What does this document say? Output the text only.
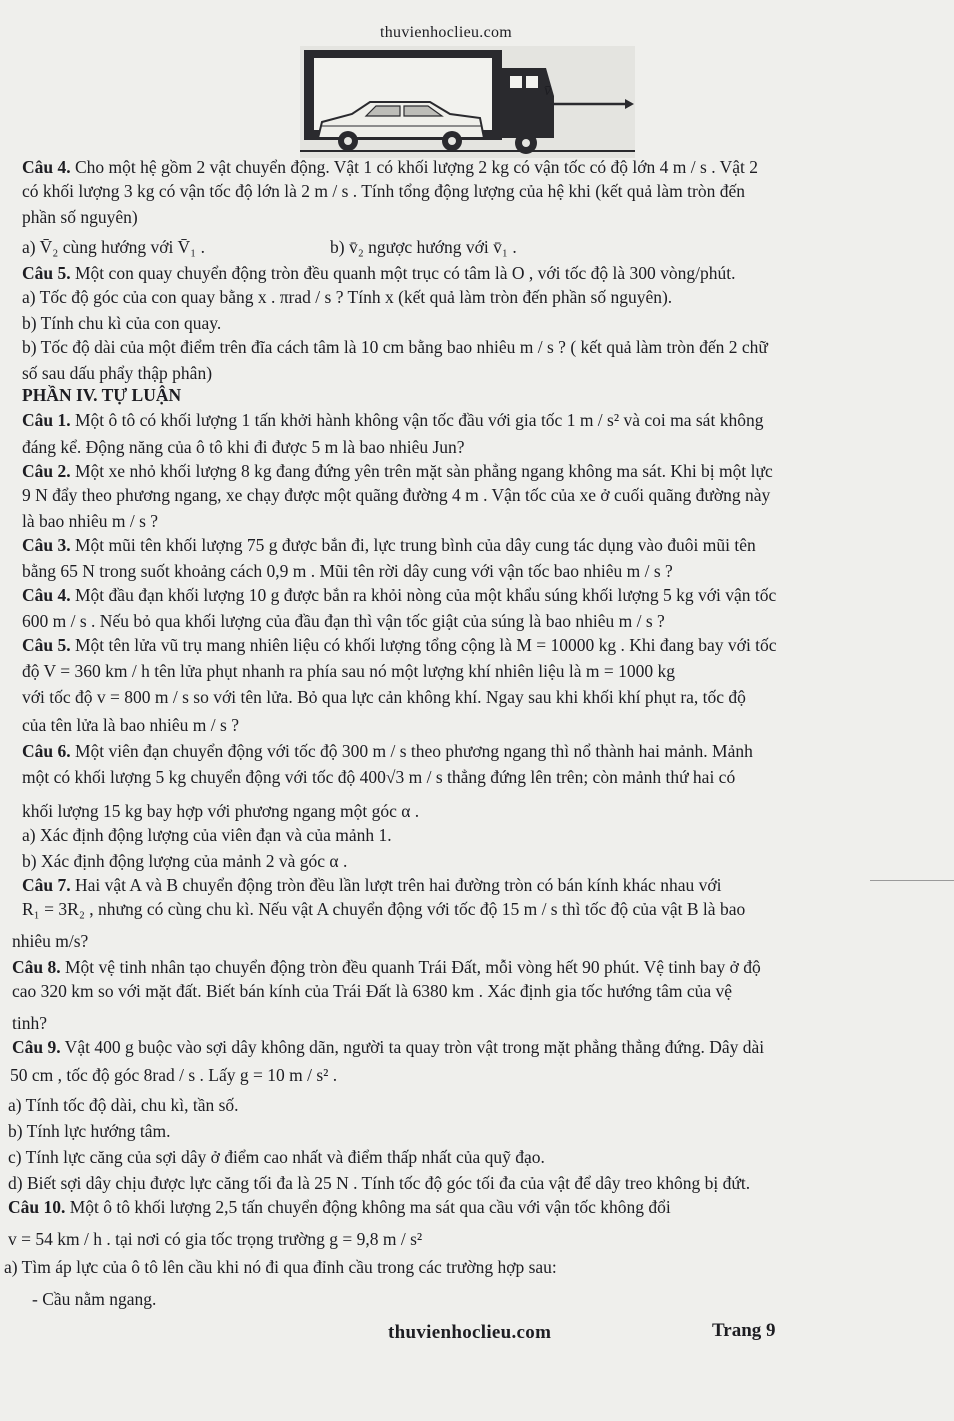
thuvienhoclieu.com
v̄
Câu 4. Cho một hệ gồm 2 vật chuyển động. Vật 1 có khối lượng 2 kg có vận tốc có độ lớn 4 m / s . Vật 2
có khối lượng 3 kg có vận tốc độ lớn là 2 m / s . Tính tổng động lượng của hệ khi (kết quả làm tròn đến
phần số nguyên)
a) V̄₂ cùng hướng với V̄₁ .	b) v̄₂ ngược hướng với v̄₁ .
Câu 5. Một con quay chuyển động tròn đều quanh một trục có tâm là O , với tốc độ là 300 vòng/phút.
a) Tốc độ góc của con quay bằng x . πrad / s ? Tính x (kết quả làm tròn đến phần số nguyên).
b) Tính chu kì của con quay.
b) Tốc độ dài của một điểm trên đĩa cách tâm là 10 cm bằng bao nhiêu m / s ? ( kết quả làm tròn đến 2 chữ
số sau dấu phẩy thập phân)
PHẦN IV. TỰ LUẬN
Câu 1. Một ô tô có khối lượng 1 tấn khởi hành không vận tốc đầu với gia tốc 1 m / s² và coi ma sát không
đáng kể. Động năng của ô tô khi đi được 5 m là bao nhiêu Jun?
Câu 2. Một xe nhỏ khối lượng 8 kg đang đứng yên trên mặt sàn phẳng ngang không ma sát. Khi bị một lực
9 N đẩy theo phương ngang, xe chạy được một quãng đường 4 m . Vận tốc của xe ở cuối quãng đường này
là bao nhiêu m / s ?
Câu 3. Một mũi tên khối lượng 75 g được bắn đi, lực trung bình của dây cung tác dụng vào đuôi mũi tên
bằng 65 N trong suốt khoảng cách 0,9 m . Mũi tên rời dây cung với vận tốc bao nhiêu m / s ?
Câu 4. Một đầu đạn khối lượng 10 g được bắn ra khỏi nòng của một khẩu súng khối lượng 5 kg với vận tốc
600 m / s . Nếu bỏ qua khối lượng của đầu đạn thì vận tốc giật của súng là bao nhiêu m / s ?
Câu 5. Một tên lửa vũ trụ mang nhiên liệu có khối lượng tổng cộng là M = 10000 kg . Khi đang bay với tốc
độ V = 360 km / h tên lửa phụt nhanh ra phía sau nó một lượng khí nhiên liệu là m = 1000 kg
với tốc độ v = 800 m / s so với tên lửa. Bỏ qua lực cản không khí. Ngay sau khi khối khí phụt ra, tốc độ
của tên lửa là bao nhiêu m / s ?
Câu 6. Một viên đạn chuyển động với tốc độ 300 m / s theo phương ngang thì nổ thành hai mảnh. Mảnh
một có khối lượng 5 kg chuyển động với tốc độ 400√3 m / s thẳng đứng lên trên; còn mảnh thứ hai có
khối lượng 15 kg bay hợp với phương ngang một góc α .
a) Xác định động lượng của viên đạn và của mảnh 1.
b) Xác định động lượng của mảnh 2 và góc α .
Câu 7. Hai vật A và B chuyển động tròn đều lần lượt trên hai đường tròn có bán kính khác nhau với
R₁ = 3R₂ , nhưng có cùng chu kì. Nếu vật A chuyển động với tốc độ 15 m / s thì tốc độ của vật B là bao
nhiêu m/s?
Câu 8. Một vệ tinh nhân tạo chuyển động tròn đều quanh Trái Đất, mỗi vòng hết 90 phút. Vệ tinh bay ở độ
cao 320 km so với mặt đất. Biết bán kính của Trái Đất là 6380 km . Xác định gia tốc hướng tâm của vệ
tinh?
Câu 9. Vật 400 g buộc vào sợi dây không dãn, người ta quay tròn vật trong mặt phẳng thẳng đứng. Dây dài
50 cm , tốc độ góc 8rad / s . Lấy g = 10 m / s² .
a) Tính tốc độ dài, chu kì, tần số.
b) Tính lực hướng tâm.
c) Tính lực căng của sợi dây ở điểm cao nhất và điểm thấp nhất của quỹ đạo.
d) Biết sợi dây chịu được lực căng tối đa là 25 N . Tính tốc độ góc tối đa của vật để dây treo không bị đứt.
Câu 10. Một ô tô khối lượng 2,5 tấn chuyển động không ma sát qua cầu với vận tốc không đổi
v = 54 km / h . tại nơi có gia tốc trọng trường g = 9,8 m / s²
a) Tìm áp lực của ô tô lên cầu khi nó đi qua đỉnh cầu trong các trường hợp sau:
- Cầu nằm ngang.
thuvienhoclieu.com	Trang 9
